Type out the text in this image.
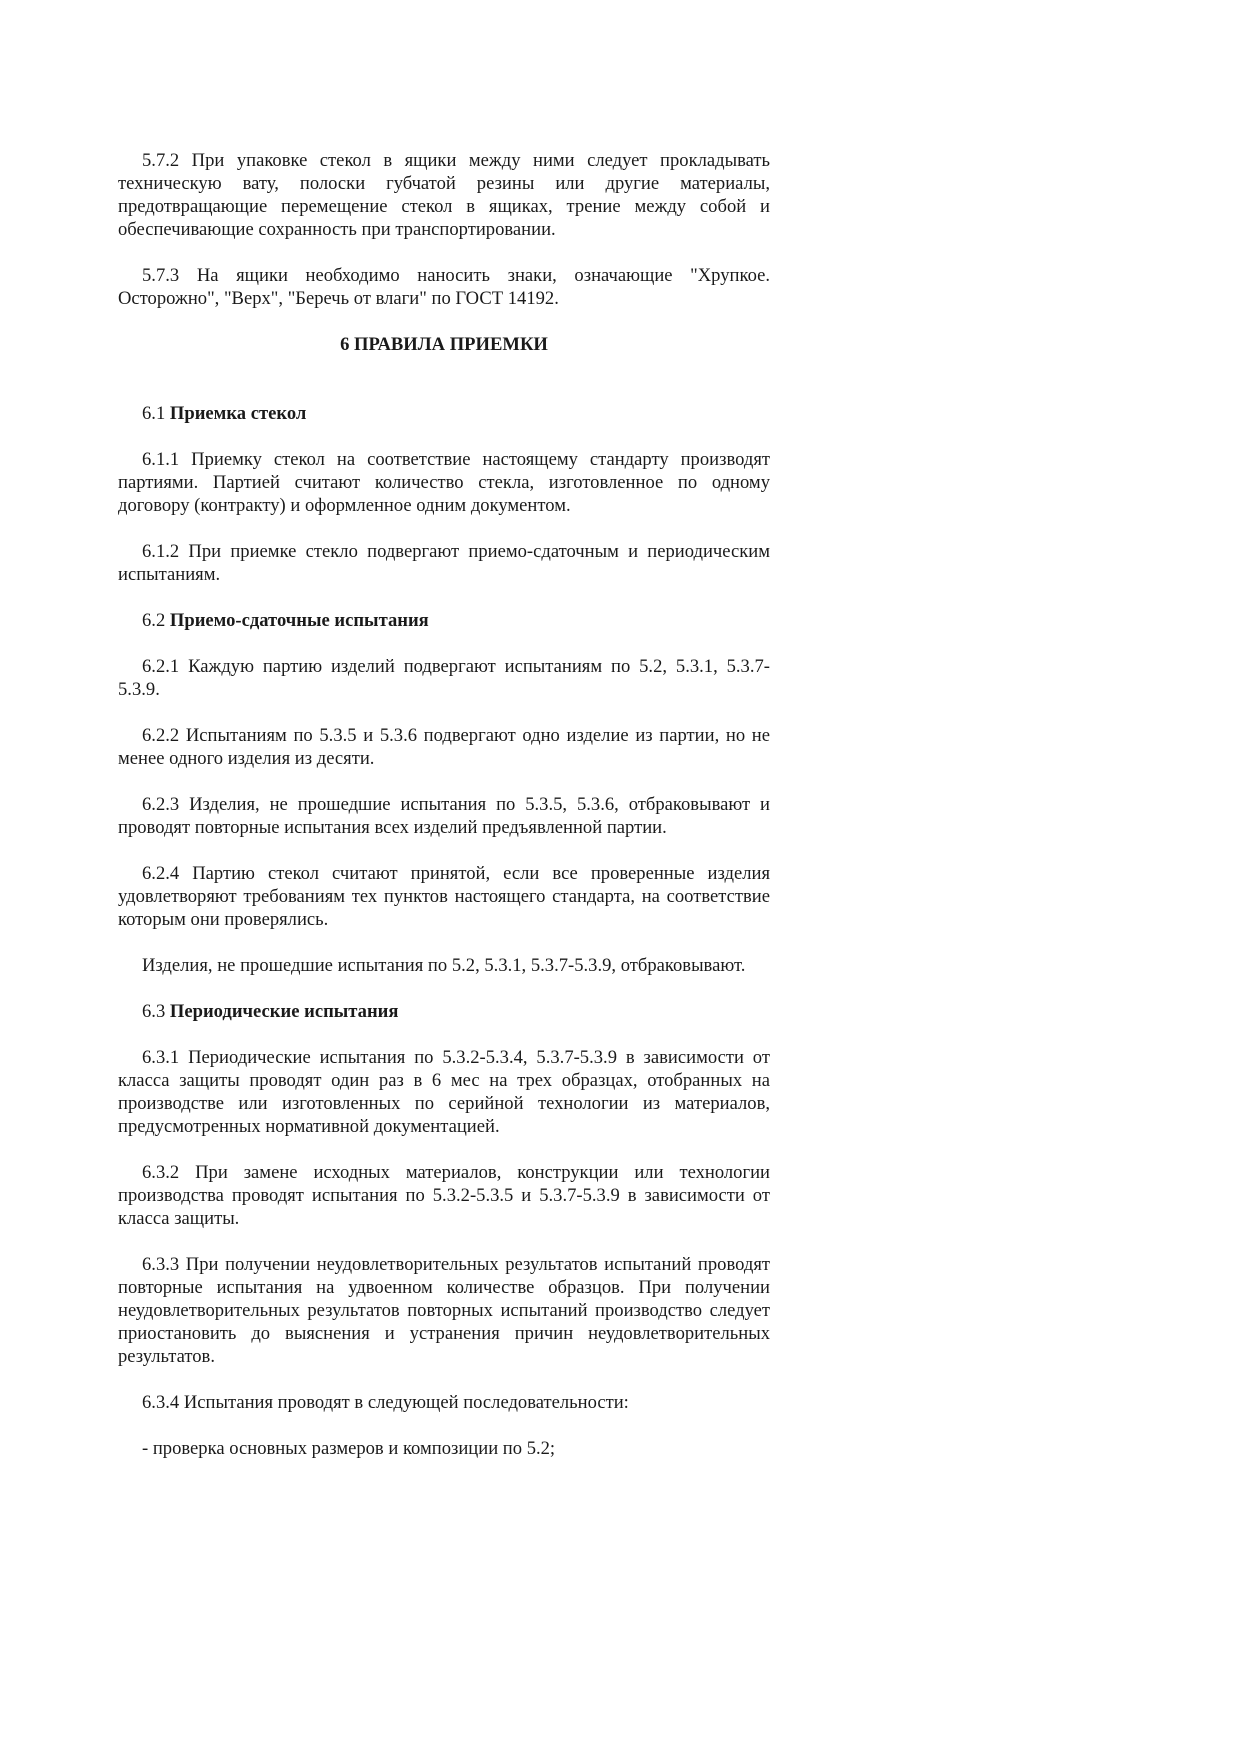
5.7.2 При упаковке стекол в ящики между ними следует прокладывать техническую вату, полоски губчатой резины или другие материалы, предотвращающие перемещение стекол в ящиках, трение между собой и обеспечивающие сохранность при транспортировании.

5.7.3 На ящики необходимо наносить знаки, означающие "Хрупкое. Осторожно", "Верх", "Беречь от влаги" по ГОСТ 14192.

6 ПРАВИЛА ПРИЕМКИ

6.1 Приемка стекол

6.1.1 Приемку стекол на соответствие настоящему стандарту производят партиями. Партией считают количество стекла, изготовленное по одному договору (контракту) и оформленное одним документом.

6.1.2 При приемке стекло подвергают приемо-сдаточным и периодическим испытаниям.

6.2 Приемо-сдаточные испытания

6.2.1 Каждую партию изделий подвергают испытаниям по 5.2, 5.3.1, 5.3.7-5.3.9.

6.2.2 Испытаниям по 5.3.5 и 5.3.6 подвергают одно изделие из партии, но не менее одного изделия из десяти.

6.2.3 Изделия, не прошедшие испытания по 5.3.5, 5.3.6, отбраковывают и проводят повторные испытания всех изделий предъявленной партии.

6.2.4 Партию стекол считают принятой, если все проверенные изделия удовлетворяют требованиям тех пунктов настоящего стандарта, на соответствие которым они проверялись.

Изделия, не прошедшие испытания по 5.2, 5.3.1, 5.3.7-5.3.9, отбраковывают.

6.3 Периодические испытания

6.3.1 Периодические испытания по 5.3.2-5.3.4, 5.3.7-5.3.9 в зависимости от класса защиты проводят один раз в 6 мес на трех образцах, отобранных на производстве или изготовленных по серийной технологии из материалов, предусмотренных нормативной документацией.

6.3.2 При замене исходных материалов, конструкции или технологии производства проводят испытания по 5.3.2-5.3.5 и 5.3.7-5.3.9 в зависимости от класса защиты.

6.3.3 При получении неудовлетворительных результатов испытаний проводят повторные испытания на удвоенном количестве образцов. При получении неудовлетворительных результатов повторных испытаний производство следует приостановить до выяснения и устранения причин неудовлетворительных результатов.

6.3.4 Испытания проводят в следующей последовательности:

- проверка основных размеров и композиции по 5.2;
